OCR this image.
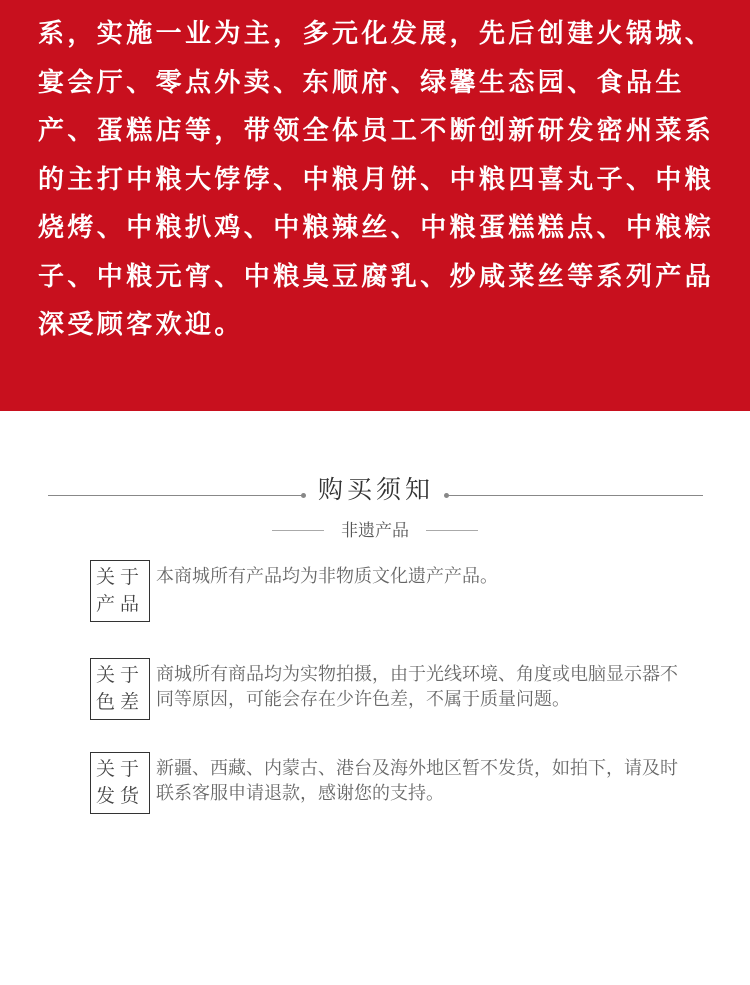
系，实施一业为主，多元化发展，先后创建火锅城、宴会厅、零点外卖、东顺府、绿馨生态园、食品生产、蛋糕店等，带领全体员工不断创新研发密州菜系的主打中粮大饽饽、中粮月饼、中粮四喜丸子、中粮烧烤、中粮扒鸡、中粮辣丝、中粮蛋糕糕点、中粮粽子、中粮元宵、中粮臭豆腐乳、炒咸菜丝等系列产品深受顾客欢迎。
购买须知
非遗产品
关于
产品
本商城所有产品均为非物质文化遗产产品。
关于
色差
商城所有商品均为实物拍摄，由于光线环境、角度或电脑显示器不同等原因，可能会存在少许色差，不属于质量问题。
关于
发货
新疆、西藏、内蒙古、港台及海外地区暂不发货，如拍下，请及时联系客服申请退款，感谢您的支持。
